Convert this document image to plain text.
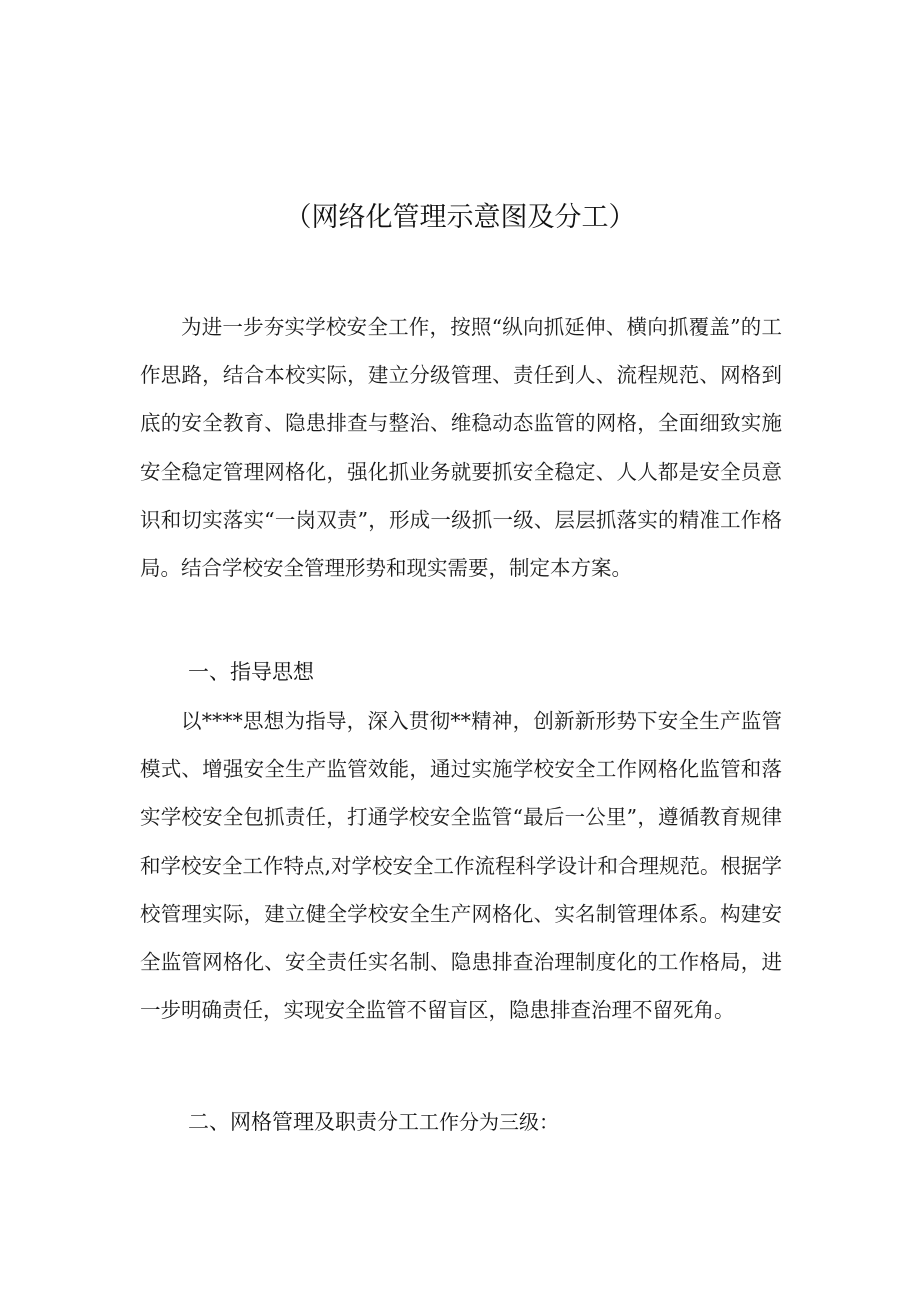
（网络化管理示意图及分工）

为进一步夯实学校安全工作，按照“纵向抓延伸、横向抓覆盖”的工作思路，结合本校实际，建立分级管理、责任到人、流程规范、网格到底的安全教育、隐患排查与整治、维稳动态监管的网格，全面细致实施安全稳定管理网格化，强化抓业务就要抓安全稳定、人人都是安全员意识和切实落实“一岗双责”，形成一级抓一级、层层抓落实的精准工作格局。结合学校安全管理形势和现实需要，制定本方案。

一、指导思想

以****思想为指导，深入贯彻**精神，创新新形势下安全生产监管模式、增强安全生产监管效能，通过实施学校安全工作网格化监管和落实学校安全包抓责任，打通学校安全监管“最后一公里”，遵循教育规律和学校安全工作特点,对学校安全工作流程科学设计和合理规范。根据学校管理实际，建立健全学校安全生产网格化、实名制管理体系。构建安全监管网格化、安全责任实名制、隐患排查治理制度化的工作格局，进一步明确责任，实现安全监管不留盲区，隐患排查治理不留死角。

二、网格管理及职责分工工作分为三级：
